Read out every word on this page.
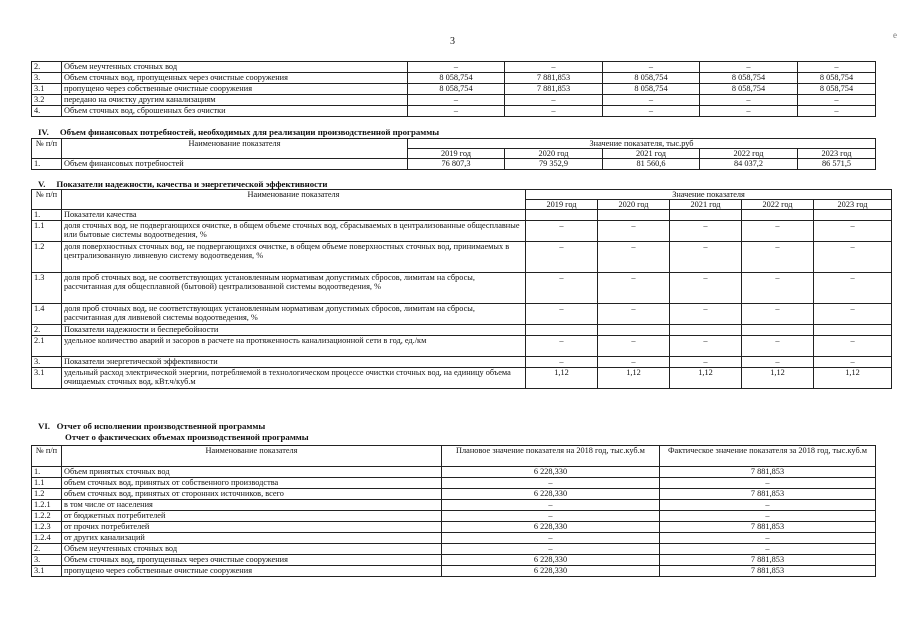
3
е
2.	Объем неучтенных сточных вод	–	–	–	–	–
3.	Объем сточных вод, пропущенных через очистные сооружения	8 058,754	7 881,853	8 058,754	8 058,754	8 058,754
3.1	пропущено через собственные очистные сооружения	8 058,754	7 881,853	8 058,754	8 058,754	8 058,754
3.2	передано на очистку другим канализациям	–	–	–	–	–
4.	Объем сточных вод, сброшенных без очистки	–	–	–	–	–
IV. Объем финансовых потребностей, необходимых для реализации производственной программы
№ п/п	Наименование показателя	Значение показателя, тыс.руб				
		2019 год	2020 год	2021 год	2022 год	2023 год
1.	Объем финансовых потребностей	76 807,3	79 352,9	81 560,6	84 037,2	86 571,5
V. Показатели надежности, качества и энергетической эффективности
№ п/п	Наименование показателя	Значение показателя				
		2019 год	2020 год	2021 год	2022 год	2023 год
1.	Показатели качества					
1.1	доля сточных вод, не подвергающихся очистке, в общем объеме сточных вод, сбрасываемых в централизованные общесплавные или бытовые системы водоотведения, %	–	–	–	–	–
1.2	доля поверхностных сточных вод, не подвергающихся очистке, в общем объеме поверхностных сточных вод, принимаемых в централизованную ливневую систему водоотведения, %	–	–	–	–	–
1.3	доля проб сточных вод, не соответствующих установленным нормативам допустимых сбросов, лимитам на сбросы, рассчитанная для общесплавной (бытовой) централизованной системы водоотведения, %	–	–	–	–	–
1.4	доля проб сточных вод, не соответствующих установленным нормативам допустимых сбросов, лимитам на сбросы, рассчитанная для ливневой системы водоотведения, %	–	–	–	–	–
2.	Показатели надежности и бесперебойности					
2.1	удельное количество аварий и засоров в расчете на протяженность канализационной сети в год, ед./км	–	–	–	–	–
3.	Показатели энергетической эффективности	–	–	–	–	–
3.1	удельный расход электрической энергии, потребляемой в технологическом процессе очистки сточных вод, на единицу объема очищаемых сточных вод, кВт.ч/куб.м	1,12	1,12	1,12	1,12	1,12
VI. Отчет об исполнении производственной программы
Отчет о фактических объемах производственной программы
№ п/п	Наименование показателя	Плановое значение показателя на 2018 год, тыс.куб.м	Фактическое значение показателя за 2018 год, тыс.куб.м
1.	Объем принятых сточных вод	6 228,330	7 881,853
1.1	объем сточных вод, принятых от собственного производства	–	–
1.2	объем сточных вод, принятых от сторонних источников, всего	6 228,330	7 881,853
1.2.1	в том числе от населения	–	–
1.2.2	от бюджетных потребителей	–	–
1.2.3	от прочих потребителей	6 228,330	7 881,853
1.2.4	от других канализаций	–	–
2.	Объем неучтенных сточных вод	–	–
3.	Объем сточных вод, пропущенных через очистные сооружения	6 228,330	7 881,853
3.1	пропущено через собственные очистные сооружения	6 228,330	7 881,853
